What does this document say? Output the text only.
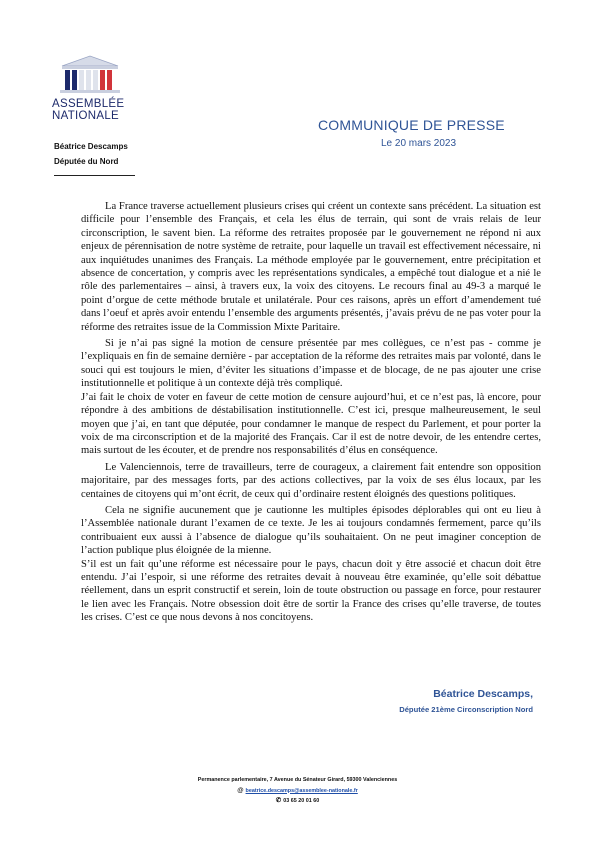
ASSEMBLÉE
NATIONALE
Béatrice Descamps
Députée du Nord
COMMUNIQUE DE PRESSE
Le 20 mars 2023

La France traverse actuellement plusieurs crises qui créent un contexte sans précédent. La situation est difficile pour l’ensemble des Français, et cela les élus de terrain, qui sont de vrais relais de leur circonscription, le savent bien. La réforme des retraites proposée par le gouvernement ne répond ni aux enjeux de pérennisation de notre système de retraite, pour laquelle un travail est effectivement nécessaire, ni aux inquiétudes unanimes des Français. La méthode employée par le gouvernement, entre précipitation et absence de concertation, y compris avec les représentations syndicales, a empêché tout dialogue et a nié le rôle des parlementaires – ainsi, à travers eux, la voix des citoyens. Le recours final au 49-3 a marqué le point d’orgue de cette méthode brutale et unilatérale. Pour ces raisons, après un effort d’amendement tué dans l’oeuf et après avoir entendu l’ensemble des arguments présentés, j’avais prévu de ne pas voter pour la réforme des retraites issue de la Commission Mixte Paritaire.

Si je n’ai pas signé la motion de censure présentée par mes collègues, ce n’est pas - comme je l’expliquais en fin de semaine dernière - par acceptation de la réforme des retraites mais par volonté, dans le souci qui est toujours le mien, d’éviter les situations d’impasse et de blocage, de ne pas ajouter une crise institutionnelle et politique à un contexte déjà très compliqué.

J’ai fait le choix de voter en faveur de cette motion de censure aujourd’hui, et ce n’est pas, là encore, pour répondre à des ambitions de déstabilisation institutionnelle. C’est ici, presque malheureusement, le seul moyen que j’ai, en tant que députée, pour condamner le manque de respect du Parlement, et pour porter la voix de ma circonscription et de la majorité des Français. Car il est de notre devoir, de les entendre certes, mais surtout de les écouter, et de prendre nos responsabilités d’élus en conséquence.

Le Valenciennois, terre de travailleurs, terre de courageux, a clairement fait entendre son opposition majoritaire, par des messages forts, par des actions collectives, par la voix de ses élus locaux, par les centaines de citoyens qui m’ont écrit, de ceux qui d’ordinaire restent éloignés des questions politiques.

Cela ne signifie aucunement que je cautionne les multiples épisodes déplorables qui ont eu lieu à l’Assemblée nationale durant l’examen de ce texte. Je les ai toujours condamnés fermement, parce qu’ils contribuaient eux aussi à l’absence de dialogue qu’ils souhaitaient. On ne peut imaginer conception de l’action publique plus éloignée de la mienne.

S’il est un fait qu’une réforme est nécessaire pour le pays, chacun doit y être associé et chacun doit être entendu. J’ai l’espoir, si une réforme des retraites devait à nouveau être examinée, qu’elle soit débattue réellement, dans un esprit constructif et serein, loin de toute obstruction ou passage en force, pour restaurer le lien avec les Français. Notre obsession doit être de sortir la France des crises qu’elle traverse, de toutes les crises. C’est ce que nous devons à nos concitoyens.

Béatrice Descamps,
Députée 21ème Circonscription Nord
Permanence parlementaire, 7 Avenue du Sénateur Girard, 59300 Valenciennes
@ beatrice.descamps@assemblee-nationale.fr
✆ 03 65 20 01 60
